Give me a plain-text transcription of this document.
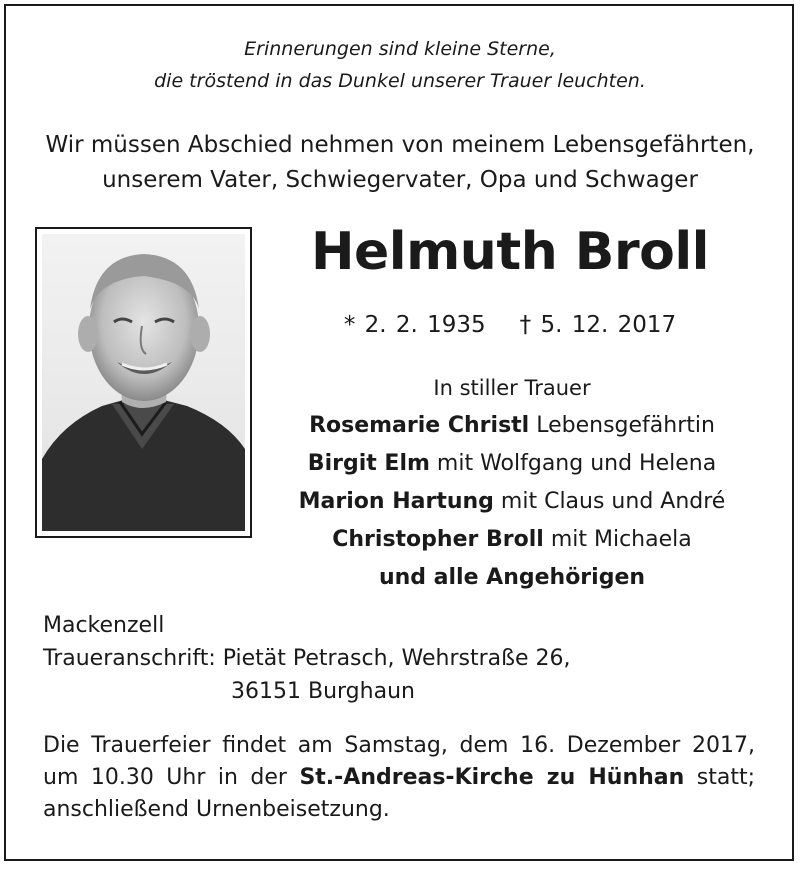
Erinnerungen sind kleine Sterne,
die tröstend in das Dunkel unserer Trauer leuchten.
Wir müssen Abschied nehmen von meinem Lebensgefährten,
unserem Vater, Schwiegervater, Opa und Schwager
Helmuth Broll
* 2. 2. 1935 † 5. 12. 2017
In stiller Trauer
Rosemarie Christl Lebensgefährtin
Birgit Elm mit Wolfgang und Helena
Marion Hartung mit Claus und André
Christopher Broll mit Michaela
und alle Angehörigen
Mackenzell
Traueranschrift: Pietät Petrasch, Wehrstraße 26,
36151 Burghaun
Die Trauerfeier findet am Samstag, dem 16. Dezember 2017,
um 10.30 Uhr in der St.-Andreas-Kirche zu Hünhan statt;
anschließend Urnenbeisetzung.
